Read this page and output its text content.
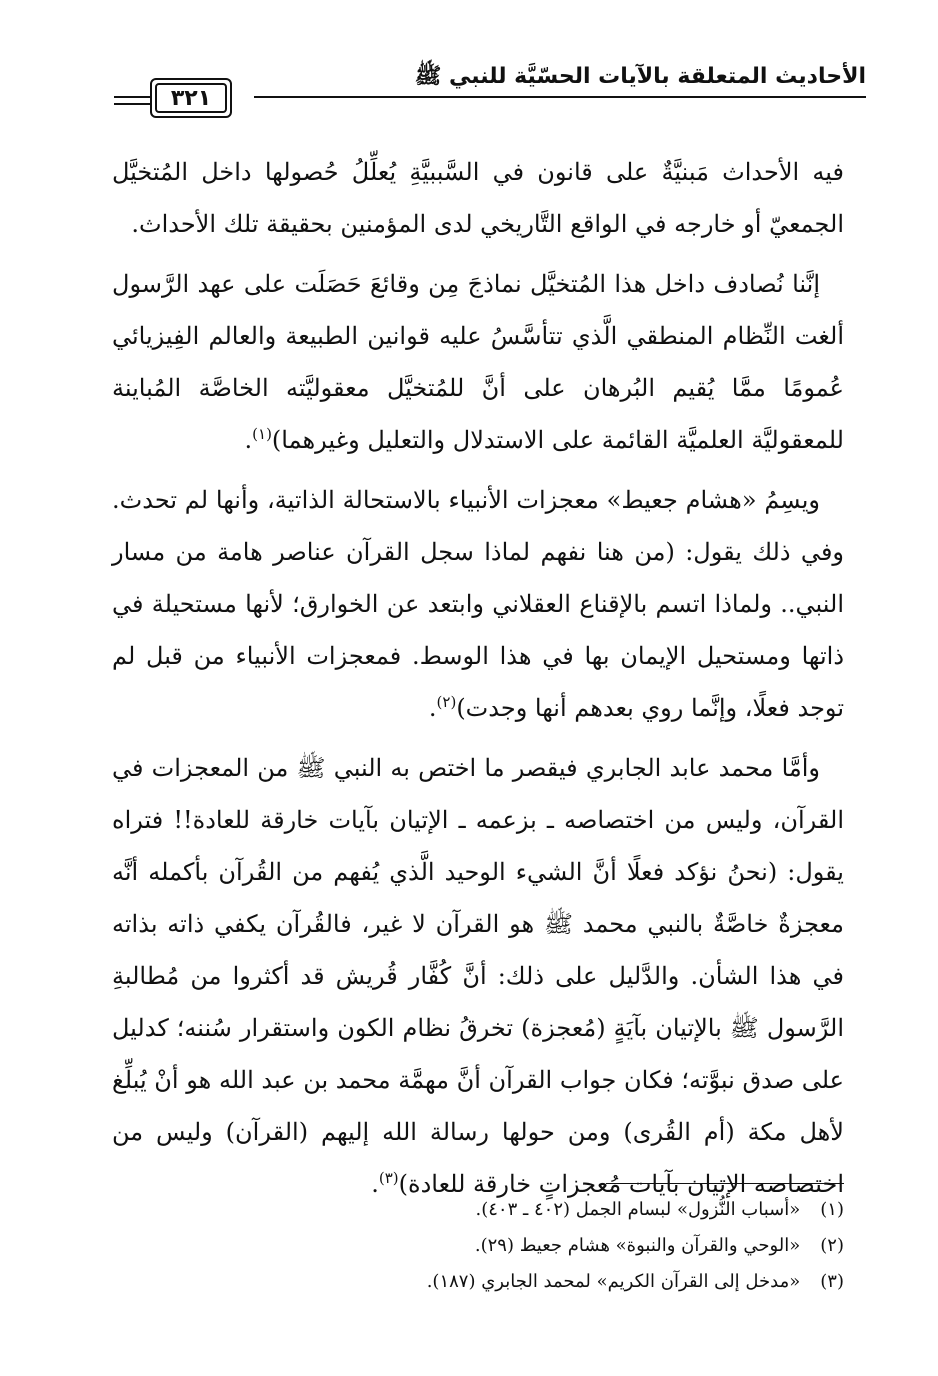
الأحاديث المتعلقة بالآيات الحسّيَّة للنبي ﷺ
٣٢١

فيه الأحداث مَبنيَّةٌ على قانون في السَّببيَّةِ يُعلِّلُ حُصولها داخل المُتخيَّل الجمعيّ أو خارجه في الواقع التَّاريخي لدى المؤمنين بحقيقة تلك الأحداث.

إنَّنا نُصادف داخل هذا المُتخيَّل نماذجَ مِن وقائعَ حَصَلَت على عهد الرَّسول ألغت النِّظام المنطقي الَّذي تتأسَّسُ عليه قوانين الطبيعة والعالم الفِيزيائي عُمومًا ممَّا يُقيم البُرهان على أنَّ للمُتخيَّل معقوليَّته الخاصَّة المُباينة للمعقوليَّة العلميَّة القائمة على الاستدلال والتعليل وغيرهما)$^{(١)}$.

ويسِمُ «هشام جعيط» معجزات الأنبياء بالاستحالة الذاتية، وأنها لم تحدث. وفي ذلك يقول: (من هنا نفهم لماذا سجل القرآن عناصر هامة من مسار النبي.. ولماذا اتسم بالإقناع العقلاني وابتعد عن الخوارق؛ لأنها مستحيلة في ذاتها ومستحيل الإيمان بها في هذا الوسط. فمعجزات الأنبياء من قبل لم توجد فعلًا، وإنَّما روي بعدهم أنها وجدت)$^{(٢)}$.

وأمَّا محمد عابد الجابري فيقصر ما اختص به النبي ﷺ من المعجزات في القرآن، وليس من اختصاصه ـ بزعمه ـ الإتيان بآيات خارقة للعادة!! فتراه يقول: (نحنُ نؤكد فعلًا أنَّ الشيء الوحيد الَّذي يُفهم من القُرآن بأكمله أنَّه معجزةٌ خاصَّةٌ بالنبي محمد ﷺ هو القرآن لا غير، فالقُرآن يكفي ذاته بذاته في هذا الشأن. والدَّليل على ذلك: أنَّ كُفَّار قُريش قد أكثروا من مُطالبةِ الرَّسول ﷺ بالإتيان بآيَةٍ (مُعجزة) تخرقُ نظام الكون واستقرار سُننه؛ كدليل على صدق نبوَّته؛ فكان جواب القرآن أنَّ مهمَّة محمد بن عبد الله هو أنْ يُبلِّغ لأهل مكة (أم القُرى) ومن حولها رسالة الله إليهم (القرآن) وليس من اختصاصه الإتيان بآيات مُعجزاتٍ خارقة للعادة)$^{(٣)}$.

(١) «أسباب النُّزول» لبسام الجمل (٤٠٢ ـ ٤٠٣).
(٢) «الوحي والقرآن والنبوة» هشام جعيط (٢٩).
(٣) «مدخل إلى القرآن الكريم» لمحمد الجابري (١٨٧).
